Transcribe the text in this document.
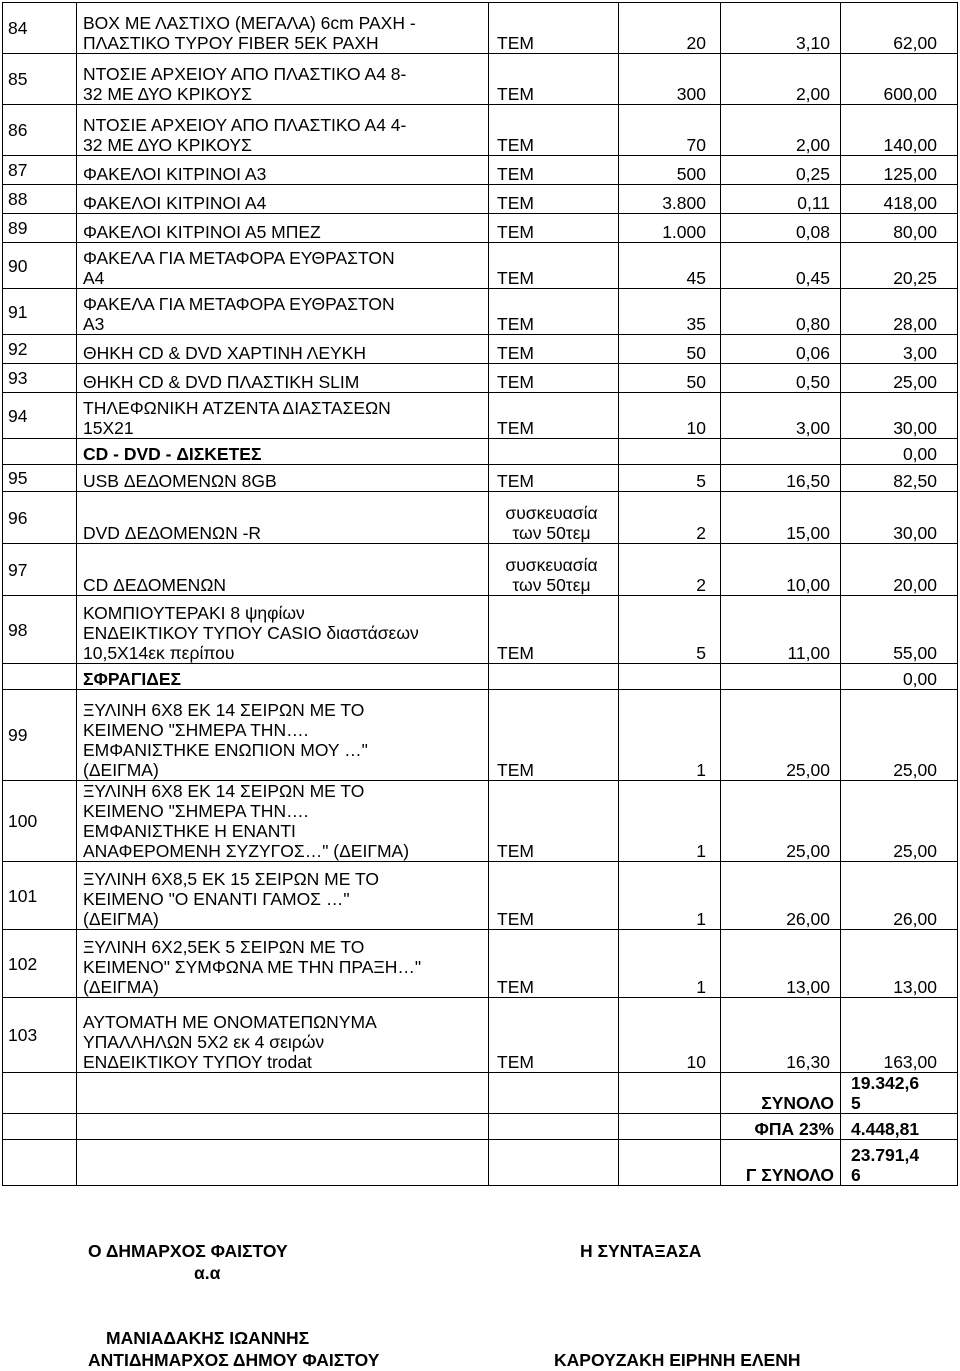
84	BOX ΜΕ ΛΑΣΤΙΧΟ (ΜΕΓΑΛΑ) 6cm ΡΑΧΗ -
ΠΛΑΣΤΙΚΟ ΤΥΡΟΥ FIBER 5ΕΚ ΡΑΧΗ	ΤΕΜ	20	3,10	62,00
85	ΝΤΟΣΙΕ ΑΡΧΕΙΟΥ ΑΠΟ ΠΛΑΣΤΙΚΟ Α4 8-
32 ΜΕ ΔΥΟ ΚΡΙΚΟΥΣ	ΤΕΜ	300	2,00	600,00
86	ΝΤΟΣΙΕ ΑΡΧΕΙΟΥ ΑΠΟ ΠΛΑΣΤΙΚΟ Α4 4-
32 ΜΕ ΔΥΟ ΚΡΙΚΟΥΣ	ΤΕΜ	70	2,00	140,00
87	ΦΑΚΕΛΟΙ ΚΙΤΡΙΝΟΙ Α3	ΤΕΜ	500	0,25	125,00
88	ΦΑΚΕΛΟΙ ΚΙΤΡΙΝΟΙ Α4	ΤΕΜ	3.800	0,11	418,00
89	ΦΑΚΕΛΟΙ ΚΙΤΡΙΝΟΙ Α5 ΜΠΕΖ	ΤΕΜ	1.000	0,08	80,00
90	ΦΑΚΕΛΑ ΓΙΑ ΜΕΤΑΦΟΡΑ ΕΥΘΡΑΣΤΟΝ
Α4	ΤΕΜ	45	0,45	20,25
91	ΦΑΚΕΛΑ ΓΙΑ ΜΕΤΑΦΟΡΑ ΕΥΘΡΑΣΤΟΝ
Α3	ΤΕΜ	35	0,80	28,00
92	ΘΗΚΗ CD & DVD ΧΑΡΤΙΝΗ ΛΕΥΚΗ	ΤΕΜ	50	0,06	3,00
93	ΘΗΚΗ CD & DVD ΠΛΑΣΤΙΚΗ SLIM	ΤΕΜ	50	0,50	25,00
94	ΤΗΛΕΦΩΝΙΚΗ ΑΤΖΕΝΤΑ ΔΙΑΣΤΑΣΕΩΝ
15Χ21	ΤΕΜ	10	3,00	30,00
	CD - DVD - ΔΙΣΚΕΤΕΣ				0,00
95	USB ΔΕΔΟΜΕΝΩΝ 8GB	ΤΕΜ	5	16,50	82,50
96	DVD ΔΕΔΟΜΕΝΩΝ -R	συσκευασία
των 50τεμ	2	15,00	30,00
97	CD ΔΕΔΟΜΕΝΩΝ	συσκευασία
των 50τεμ	2	10,00	20,00
98	ΚΟΜΠΙΟΥΤΕΡΑΚΙ 8 ψηφίων
ΕΝΔΕΙΚΤΙΚΟΥ ΤΥΠΟΥ CASIO διαστάσεων
10,5Χ14εκ περίπου	ΤΕΜ	5	11,00	55,00
	ΣΦΡΑΓΙΔΕΣ				0,00
99	ΞΥΛΙΝΗ 6Χ8 ΕΚ 14 ΣΕΙΡΩΝ ΜΕ ΤΟ
ΚΕΙΜΕΝΟ "ΣΗΜΕΡΑ ΤΗΝ….
ΕΜΦΑΝΙΣΤΗΚΕ ΕΝΩΠΙΟΝ ΜΟΥ …"
(ΔΕΙΓΜΑ)	ΤΕΜ	1	25,00	25,00
100	ΞΥΛΙΝΗ 6Χ8 ΕΚ 14 ΣΕΙΡΩΝ ΜΕ ΤΟ
ΚΕΙΜΕΝΟ "ΣΗΜΕΡΑ ΤΗΝ….
ΕΜΦΑΝΙΣΤΗΚΕ Η ΕΝΑΝΤΙ
ΑΝΑΦΕΡΟΜΕΝΗ ΣΥΖΥΓΟΣ…" (ΔΕΙΓΜΑ)	ΤΕΜ	1	25,00	25,00
101	ΞΥΛΙΝΗ 6Χ8,5 ΕΚ 15 ΣΕΙΡΩΝ ΜΕ ΤΟ
ΚΕΙΜΕΝΟ "Ο ΕΝΑΝΤΙ ΓΑΜΟΣ …"
(ΔΕΙΓΜΑ)	ΤΕΜ	1	26,00	26,00
102	ΞΥΛΙΝΗ 6Χ2,5ΕΚ 5 ΣΕΙΡΩΝ ΜΕ ΤΟ
ΚΕΙΜΕΝΟ" ΣΥΜΦΩΝΑ ΜΕ ΤΗΝ ΠΡΑΞΗ…"
(ΔΕΙΓΜΑ)	ΤΕΜ	1	13,00	13,00
103	ΑΥΤΟΜΑΤΗ ΜΕ ΟΝΟΜΑΤΕΠΩΝΥΜΑ
ΥΠΑΛΛΗΛΩΝ 5Χ2 εκ 4 σειρών
ΕΝΔΕΙΚΤΙΚΟΥ ΤΥΠΟΥ trodat	ΤΕΜ	10	16,30	163,00
				ΣΥΝΟΛΟ	19.342,6
5
				ΦΠΑ 23%	4.448,81
				Γ ΣΥΝΟΛΟ	23.791,4
6
Ο ΔΗΜΑΡΧΟΣ ΦΑΙΣΤΟΥ
α.α
Η ΣΥΝΤΑΞΑΣΑ
ΜΑΝΙΑΔΑΚΗΣ ΙΩΑΝΝΗΣ
ΑΝΤΙΔΗΜΑΡΧΟΣ ΔΗΜΟΥ ΦΑΙΣΤΟΥ	ΚΑΡΟΥΖΑΚΗ ΕΙΡΗΝΗ ΕΛΕΝΗ
